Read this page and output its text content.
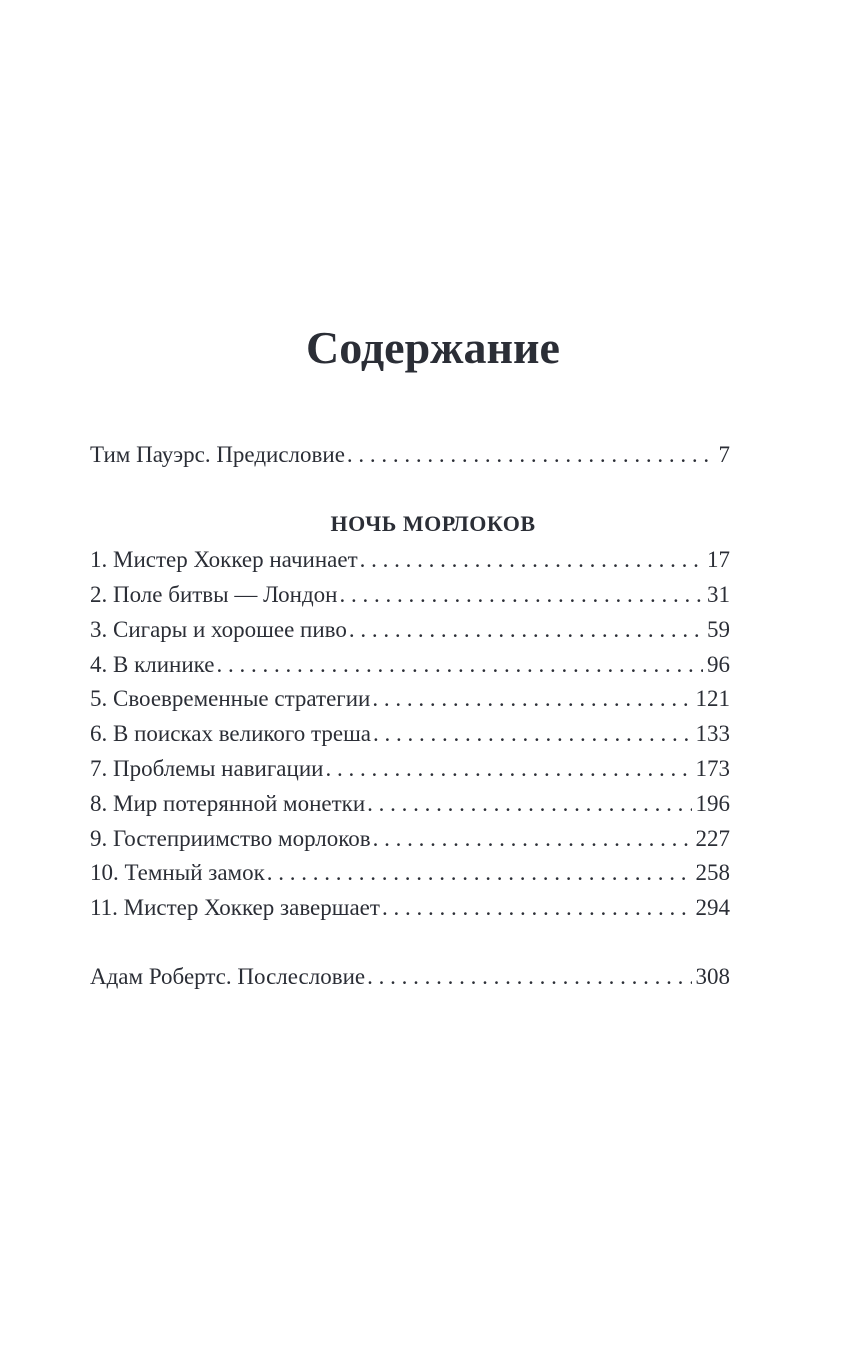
Содержание
Тим Пауэрс. Предисловие . . .	7
НОЧЬ МОРЛОКОВ
1. Мистер Хоккер начинает . . .	17
2. Поле битвы — Лондон . . .	31
3. Сигары и хорошее пиво . . .	59
4. В клинике . . .	96
5. Своевременные стратегии . . .	121
6. В поисках великого треша . . .	133
7. Проблемы навигации . . .	173
8. Мир потерянной монетки . . .	196
9. Гостеприимство морлоков . . .	227
10. Темный замок . . .	258
11. Мистер Хоккер завершает . . .	294
Адам Робертс. Послесловие . . .	308
